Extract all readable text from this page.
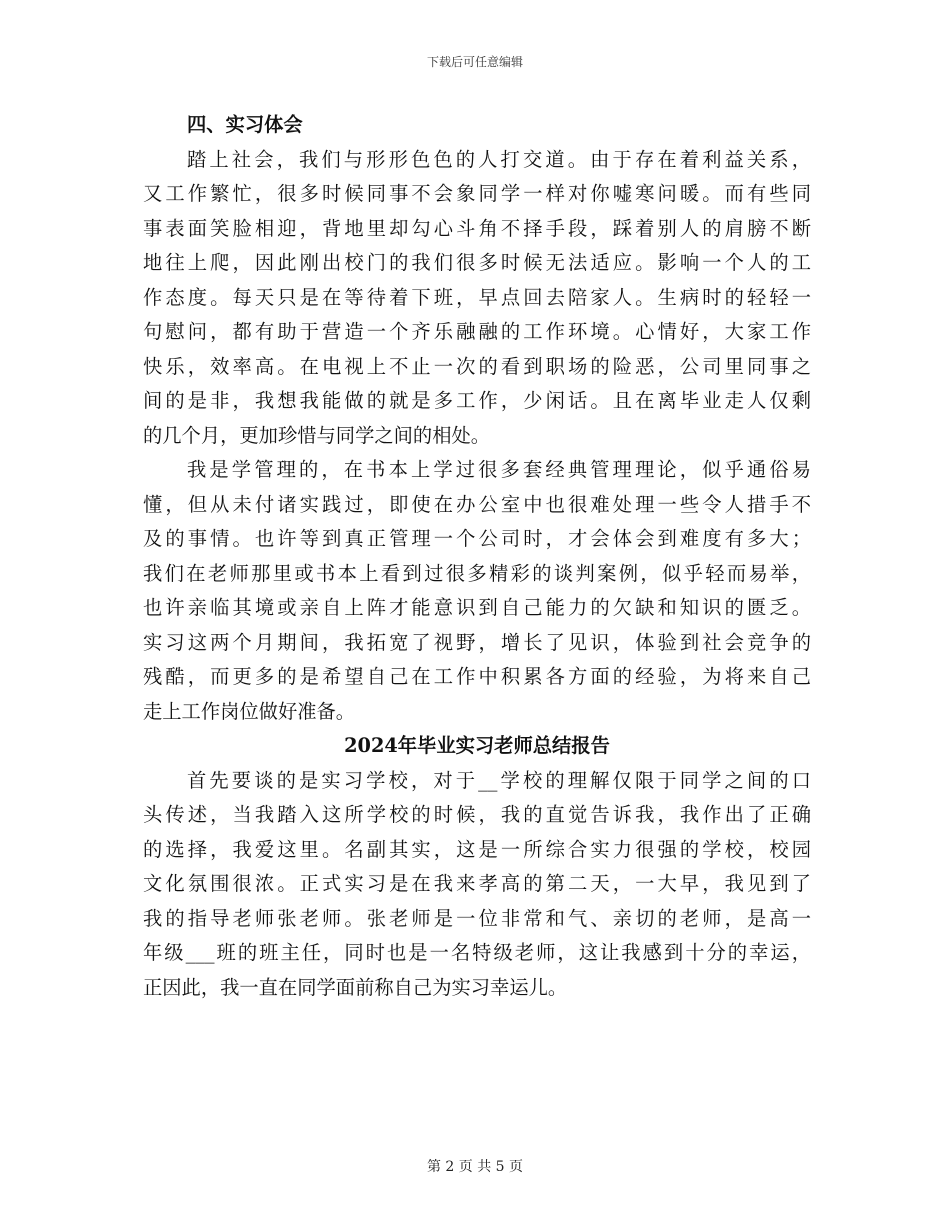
下载后可任意编辑
四、实习体会
踏上社会，我们与形形色色的人打交道。由于存在着利益关系，
又工作繁忙，很多时候同事不会象同学一样对你嘘寒问暖。而有些同
事表面笑脸相迎，背地里却勾心斗角不择手段，踩着别人的肩膀不断
地往上爬，因此刚出校门的我们很多时候无法适应。影响一个人的工
作态度。每天只是在等待着下班，早点回去陪家人。生病时的轻轻一
句慰问，都有助于营造一个齐乐融融的工作环境。心情好，大家工作
快乐，效率高。在电视上不止一次的看到职场的险恶，公司里同事之
间的是非，我想我能做的就是多工作，少闲话。且在离毕业走人仅剩
的几个月，更加珍惜与同学之间的相处。
我是学管理的，在书本上学过很多套经典管理理论，似乎通俗易
懂，但从未付诸实践过，即使在办公室中也很难处理一些令人措手不
及的事情。也许等到真正管理一个公司时，才会体会到难度有多大；
我们在老师那里或书本上看到过很多精彩的谈判案例，似乎轻而易举，
也许亲临其境或亲自上阵才能意识到自己能力的欠缺和知识的匮乏。
实习这两个月期间，我拓宽了视野，增长了见识，体验到社会竞争的
残酷，而更多的是希望自己在工作中积累各方面的经验，为将来自己
走上工作岗位做好准备。
2024年毕业实习老师总结报告
首先要谈的是实习学校，对于__学校的理解仅限于同学之间的口
头传述，当我踏入这所学校的时候，我的直觉告诉我，我作出了正确
的选择，我爱这里。名副其实，这是一所综合实力很强的学校，校园
文化氛围很浓。正式实习是在我来孝高的第二天，一大早，我见到了
我的指导老师张老师。张老师是一位非常和气、亲切的老师，是高一
年级___班的班主任，同时也是一名特级老师，这让我感到十分的幸运，
正因此，我一直在同学面前称自己为实习幸运儿。
第 2 页 共 5 页
